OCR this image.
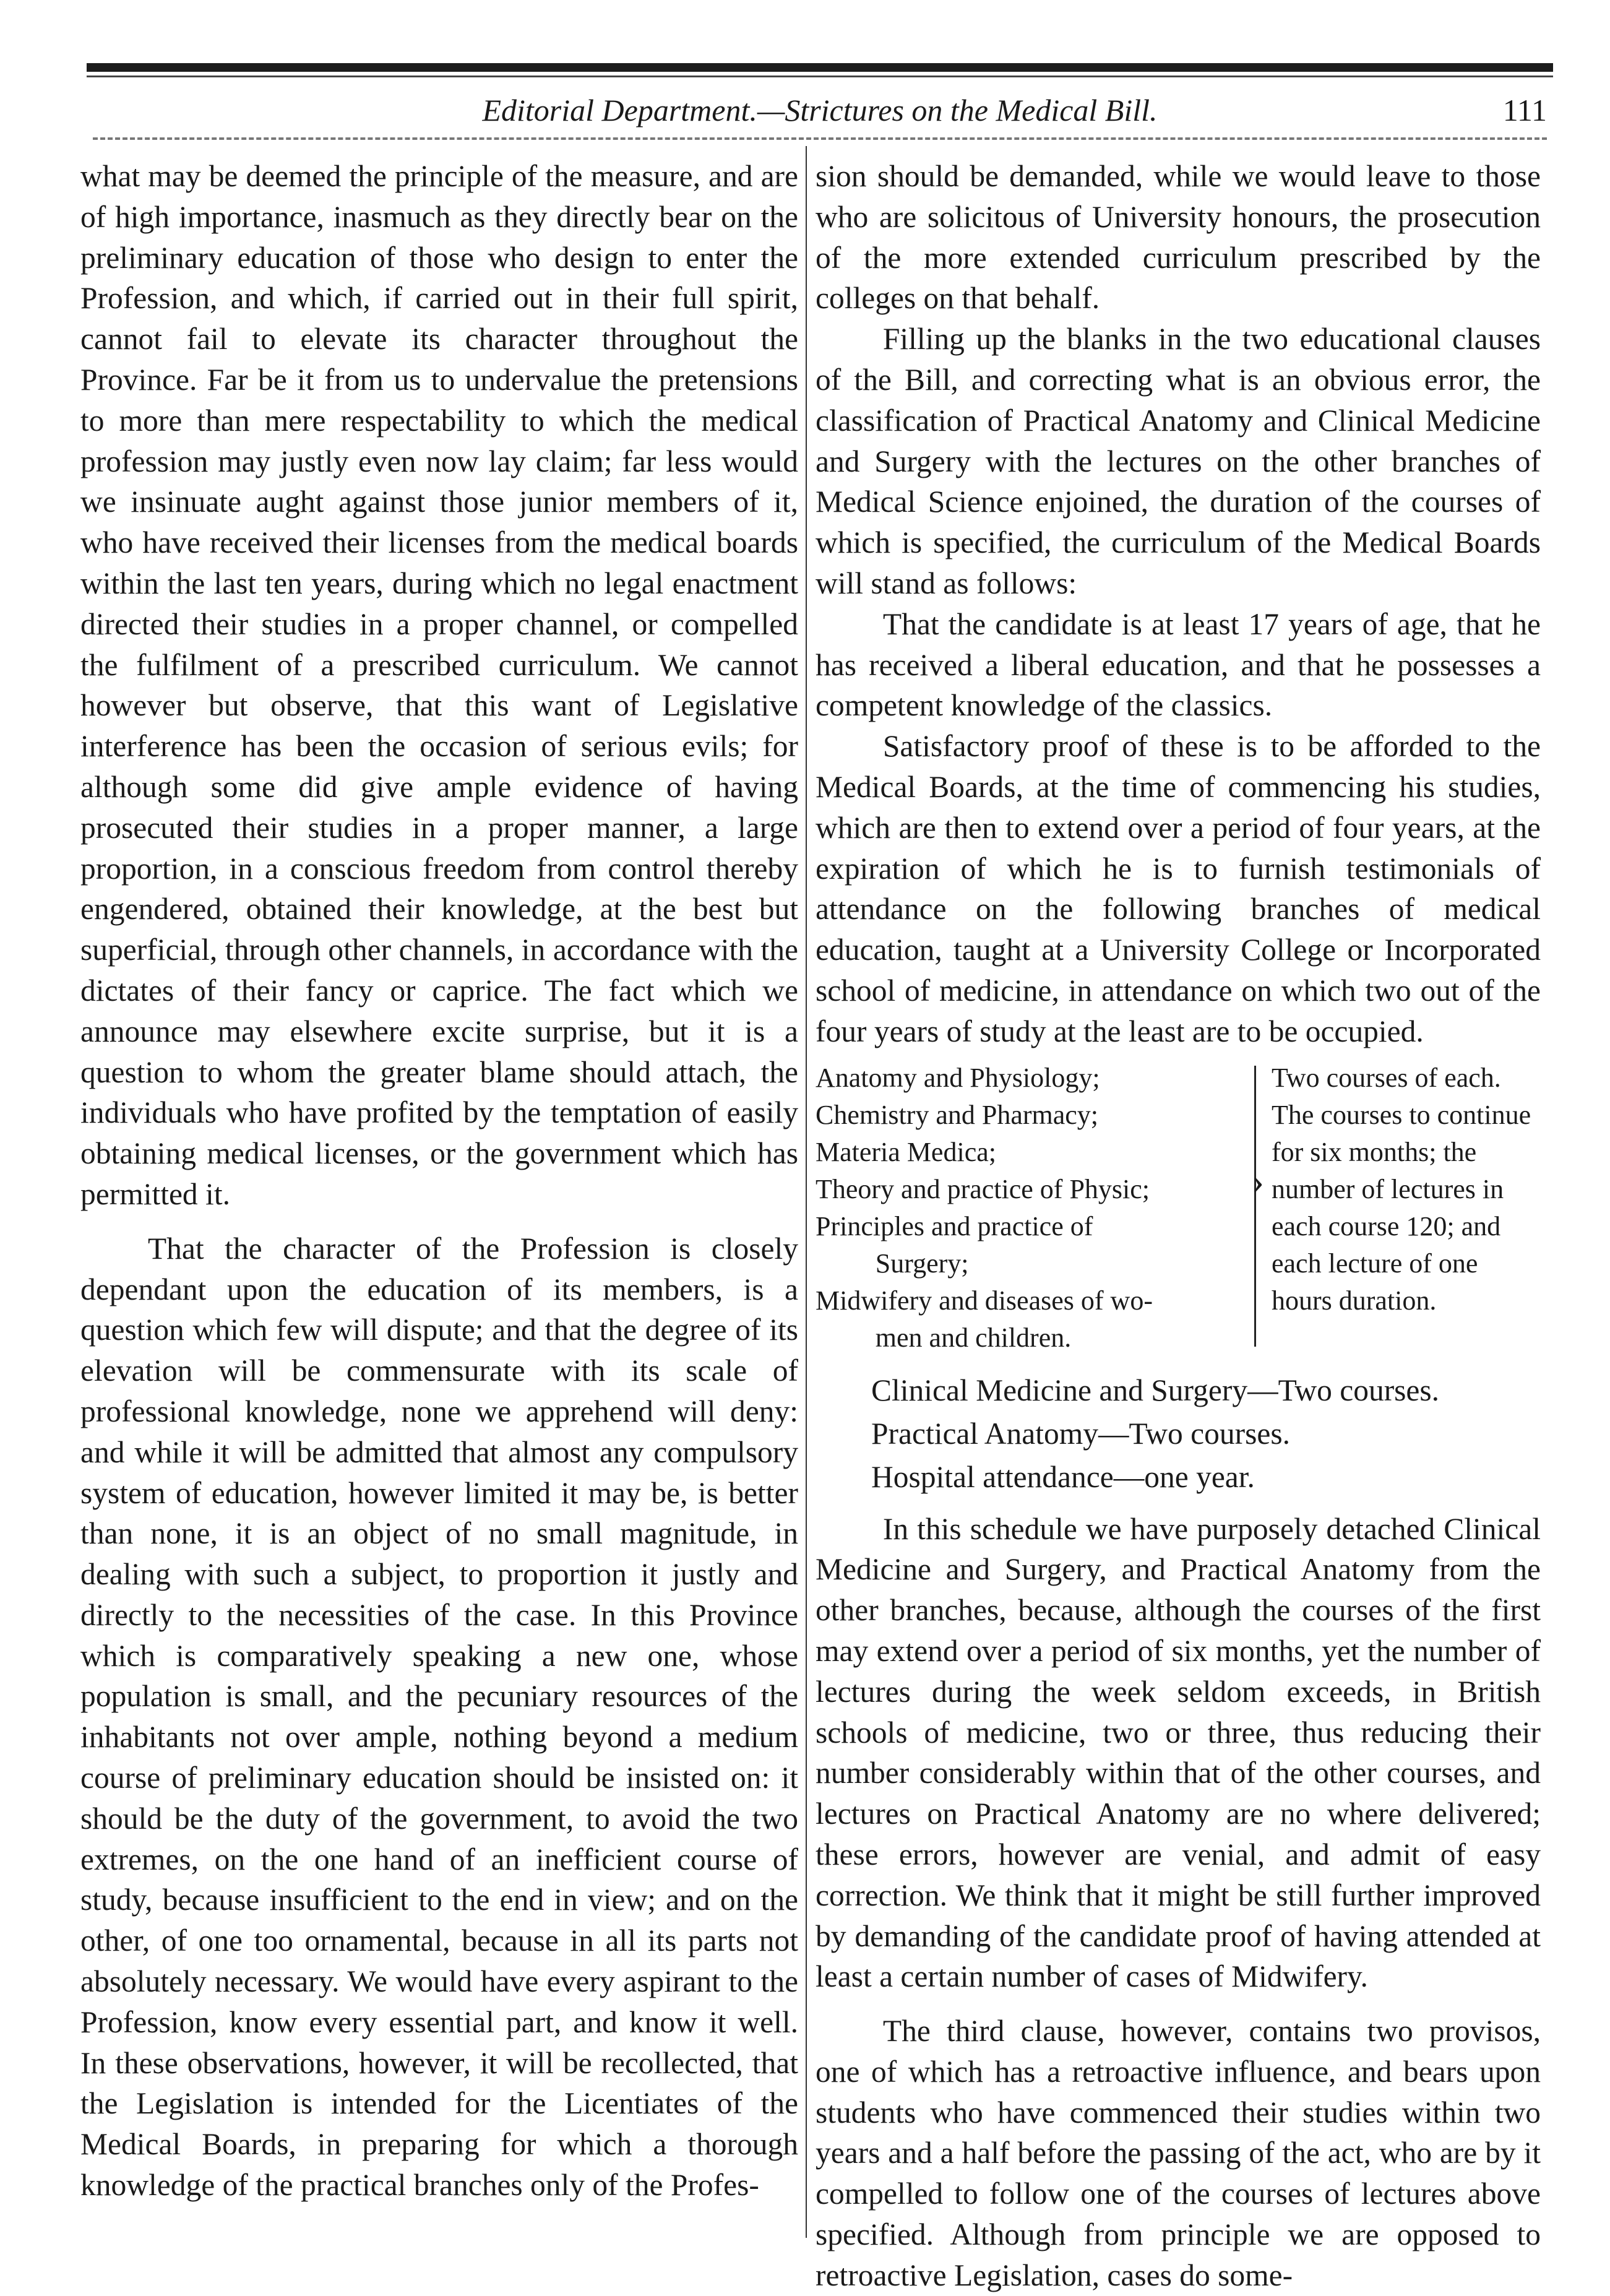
Editorial Department.—Strictures on the Medical Bill.	111

what may be deemed the principle of the measure, and are of high importance, inasmuch as they directly bear on the preliminary education of those who design to enter the Profession, and which, if carried out in their full spirit, cannot fail to elevate its character throughout the Province. Far be it from us to undervalue the pretensions to more than mere respectability to which the medical profession may justly even now lay claim; far less would we insinuate aught against those junior members of it, who have received their licenses from the medical boards within the last ten years, during which no legal enactment directed their studies in a proper channel, or compelled the fulfilment of a prescribed curriculum. We cannot however but observe, that this want of Legislative interference has been the occasion of serious evils; for although some did give ample evidence of having prosecuted their studies in a proper manner, a large proportion, in a conscious freedom from control thereby engendered, obtained their knowledge, at the best but superficial, through other channels, in accordance with the dictates of their fancy or caprice. The fact which we announce may elsewhere excite surprise, but it is a question to whom the greater blame should attach, the individuals who have profited by the temptation of easily obtaining medical licenses, or the government which has permitted it.

That the character of the Profession is closely dependant upon the education of its members, is a question which few will dispute; and that the degree of its elevation will be commensurate with its scale of professional knowledge, none we apprehend will deny: and while it will be admitted that almost any compulsory system of education, however limited it may be, is better than none, it is an object of no small magnitude, in dealing with such a subject, to proportion it justly and directly to the necessities of the case. In this Province which is comparatively speaking a new one, whose population is small, and the pecuniary resources of the inhabitants not over ample, nothing beyond a medium course of preliminary education should be insisted on: it should be the duty of the government, to avoid the two extremes, on the one hand of an inefficient course of study, because insufficient to the end in view; and on the other, of one too ornamental, because in all its parts not absolutely necessary. We would have every aspirant to the Profession, know every essential part, and know it well. In these observations, however, it will be recollected, that the Legislation is intended for the Licentiates of the Medical Boards, in preparing for which a thorough knowledge of the practical branches only of the Profes-

sion should be demanded, while we would leave to those who are solicitous of University honours, the prosecution of the more extended curriculum prescribed by the colleges on that behalf.

Filling up the blanks in the two educational clauses of the Bill, and correcting what is an obvious error, the classification of Practical Anatomy and Clinical Medicine and Surgery with the lectures on the other branches of Medical Science enjoined, the duration of the courses of which is specified, the curriculum of the Medical Boards will stand as follows:

That the candidate is at least 17 years of age, that he has received a liberal education, and that he possesses a competent knowledge of the classics.

Satisfactory proof of these is to be afforded to the Medical Boards, at the time of commencing his studies, which are then to extend over a period of four years, at the expiration of which he is to furnish testimonials of attendance on the following branches of medical education, taught at a University College or Incorporated school of medicine, in attendance on which two out of the four years of study at the least are to be occupied.

Anatomy and Physiology;
Chemistry and Pharmacy;
Materia Medica;
Theory and practice of Physic;
Principles and practice of
Surgery;
Midwifery and diseases of wo-
men and children.
›
Two courses of each. The courses to continue for six months; the number of lectures in each course 120; and each lecture of one hours duration.
Clinical Medicine and Surgery—Two courses.
Practical Anatomy—Two courses.
Hospital attendance—one year.

In this schedule we have purposely detached Clinical Medicine and Surgery, and Practical Anatomy from the other branches, because, although the courses of the first may extend over a period of six months, yet the number of lectures during the week seldom exceeds, in British schools of medicine, two or three, thus reducing their number considerably within that of the other courses, and lectures on Practical Anatomy are no where delivered; these errors, however are venial, and admit of easy correction. We think that it might be still further improved by demanding of the candidate proof of having attended at least a certain number of cases of Midwifery.

The third clause, however, contains two provisos, one of which has a retroactive influence, and bears upon students who have commenced their studies within two years and a half before the passing of the act, who are by it compelled to follow one of the courses of lectures above specified. Although from principle we are opposed to retroactive Legislation, cases do some-
